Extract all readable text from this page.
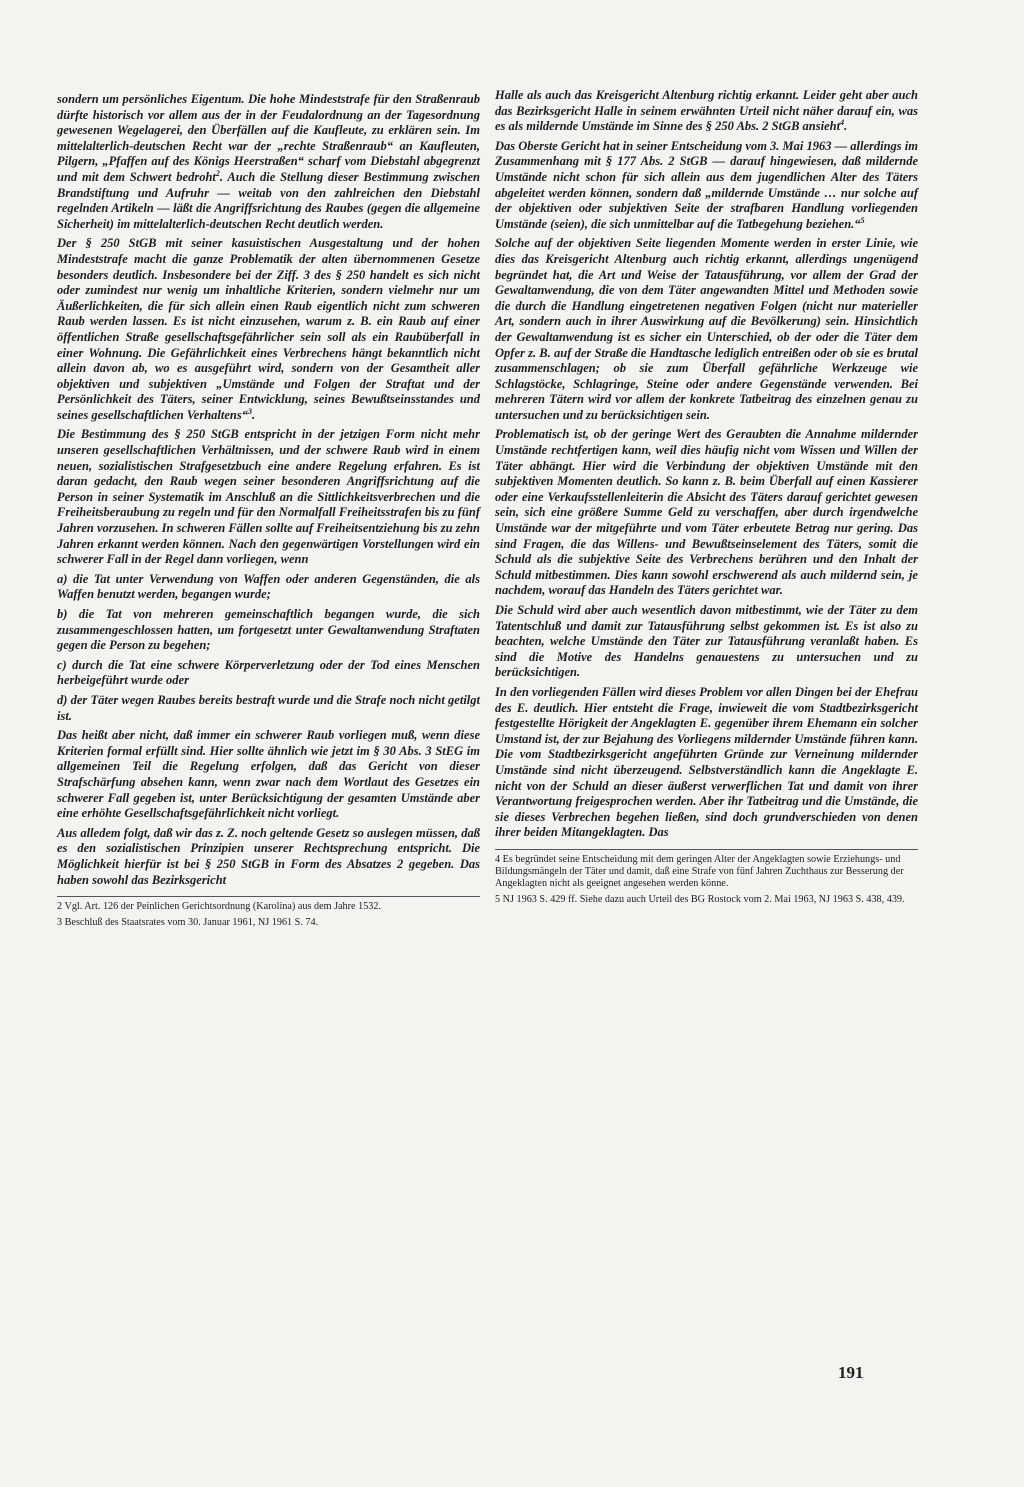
sondern um persönliches Eigentum. Die hohe Mindeststrafe für den Straßenraub dürfte historisch vor allem aus der in der Feudalordnung an der Tagesordnung gewesenen Wegelagerei, den Überfällen auf die Kaufleute, zu erklären sein. Im mittelalterlich-deutschen Recht war der „rechte Straßenraub“ an Kaufleuten, Pilgern, „Pfaffen auf des Königs Heerstraßen“ scharf vom Diebstahl abgegrenzt und mit dem Schwert bedroht$^2$. Auch die Stellung dieser Bestimmung zwischen Brandstiftung und Aufruhr — weitab von den zahlreichen den Diebstahl regelnden Artikeln — läßt die Angriffsrichtung des Raubes (gegen die allgemeine Sicherheit) im mittelalterlich-deutschen Recht deutlich werden.

Der § 250 StGB mit seiner kasuistischen Ausgestaltung und der hohen Mindeststrafe macht die ganze Problematik der alten übernommenen Gesetze besonders deutlich. Insbesondere bei der Ziff. 3 des § 250 handelt es sich nicht oder zumindest nur wenig um inhaltliche Kriterien, sondern vielmehr nur um Äußerlichkeiten, die für sich allein einen Raub eigentlich nicht zum schweren Raub werden lassen. Es ist nicht einzusehen, warum z. B. ein Raub auf einer öffentlichen Straße gesellschaftsgefährlicher sein soll als ein Raubüberfall in einer Wohnung. Die Gefährlichkeit eines Verbrechens hängt bekanntlich nicht allein davon ab, wo es ausgeführt wird, sondern von der Gesamtheit aller objektiven und subjektiven „Umstände und Folgen der Straftat und der Persönlichkeit des Täters, seiner Entwicklung, seines Bewußtseinsstandes und seines gesellschaftlichen Verhaltens“$^3$.

Die Bestimmung des § 250 StGB entspricht in der jetzigen Form nicht mehr unseren gesellschaftlichen Verhältnissen, und der schwere Raub wird in einem neuen, sozialistischen Strafgesetzbuch eine andere Regelung erfahren. Es ist daran gedacht, den Raub wegen seiner besonderen Angriffsrichtung auf die Person in seiner Systematik im Anschluß an die Sittlichkeitsverbrechen und die Freiheitsberaubung zu regeln und für den Normalfall Freiheitsstrafen bis zu fünf Jahren vorzusehen. In schweren Fällen sollte auf Freiheitsentziehung bis zu zehn Jahren erkannt werden können. Nach den gegenwärtigen Vorstellungen wird ein schwerer Fall in der Regel dann vorliegen, wenn

a) die Tat unter Verwendung von Waffen oder anderen Gegenständen, die als Waffen benutzt werden, begangen wurde;

b) die Tat von mehreren gemeinschaftlich begangen wurde, die sich zusammengeschlossen hatten, um fortgesetzt unter Gewaltanwendung Straftaten gegen die Person zu begehen;

c) durch die Tat eine schwere Körperverletzung oder der Tod eines Menschen herbeigeführt wurde oder

d) der Täter wegen Raubes bereits bestraft wurde und die Strafe noch nicht getilgt ist.

Das heißt aber nicht, daß immer ein schwerer Raub vorliegen muß, wenn diese Kriterien formal erfüllt sind. Hier sollte ähnlich wie jetzt im § 30 Abs. 3 StEG im allgemeinen Teil die Regelung erfolgen, daß das Gericht von dieser Strafschärfung absehen kann, wenn zwar nach dem Wortlaut des Gesetzes ein schwerer Fall gegeben ist, unter Berücksichtigung der gesamten Umstände aber eine erhöhte Gesellschaftsgefährlichkeit nicht vorliegt.

Aus alledem folgt, daß wir das z. Z. noch geltende Gesetz so auslegen müssen, daß es den sozialistischen Prinzipien unserer Rechtsprechung entspricht. Die Möglichkeit hierfür ist bei § 250 StGB in Form des Absatzes 2 gegeben. Das haben sowohl das Bezirksgericht

2 Vgl. Art. 126 der Peinlichen Gerichtsordnung (Karolina) aus dem Jahre 1532.

3 Beschluß des Staatsrates vom 30. Januar 1961, NJ 1961 S. 74.

Halle als auch das Kreisgericht Altenburg richtig erkannt. Leider geht aber auch das Bezirksgericht Halle in seinem erwähnten Urteil nicht näher darauf ein, was es als mildernde Umstände im Sinne des § 250 Abs. 2 StGB ansieht$^4$.

Das Oberste Gericht hat in seiner Entscheidung vom 3. Mai 1963 — allerdings im Zusammenhang mit § 177 Abs. 2 StGB — darauf hingewiesen, daß mildernde Umstände nicht schon für sich allein aus dem jugendlichen Alter des Täters abgeleitet werden können, sondern daß „mildernde Umstände … nur solche auf der objektiven oder subjektiven Seite der strafbaren Handlung vorliegenden Umstände (seien), die sich unmittelbar auf die Tatbegehung beziehen.“$^5$

Solche auf der objektiven Seite liegenden Momente werden in erster Linie, wie dies das Kreisgericht Altenburg auch richtig erkannt, allerdings ungenügend begründet hat, die Art und Weise der Tatausführung, vor allem der Grad der Gewaltanwendung, die von dem Täter angewandten Mittel und Methoden sowie die durch die Handlung eingetretenen negativen Folgen (nicht nur materieller Art, sondern auch in ihrer Auswirkung auf die Bevölkerung) sein. Hinsichtlich der Gewaltanwendung ist es sicher ein Unterschied, ob der oder die Täter dem Opfer z. B. auf der Straße die Handtasche lediglich entreißen oder ob sie es brutal zusammenschlagen; ob sie zum Überfall gefährliche Werkzeuge wie Schlagstöcke, Schlagringe, Steine oder andere Gegenstände verwenden. Bei mehreren Tätern wird vor allem der konkrete Tatbeitrag des einzelnen genau zu untersuchen und zu berücksichtigen sein.

Problematisch ist, ob der geringe Wert des Geraubten die Annahme mildernder Umstände rechtfertigen kann, weil dies häufig nicht vom Wissen und Willen der Täter abhängt. Hier wird die Verbindung der objektiven Umstände mit den subjektiven Momenten deutlich. So kann z. B. beim Überfall auf einen Kassierer oder eine Verkaufsstellenleiterin die Absicht des Täters darauf gerichtet gewesen sein, sich eine größere Summe Geld zu verschaffen, aber durch irgendwelche Umstände war der mitgeführte und vom Täter erbeutete Betrag nur gering. Das sind Fragen, die das Willens- und Bewußtseinselement des Täters, somit die Schuld als die subjektive Seite des Verbrechens berühren und den Inhalt der Schuld mitbestimmen. Dies kann sowohl erschwerend als auch mildernd sein, je nachdem, worauf das Handeln des Täters gerichtet war.

Die Schuld wird aber auch wesentlich davon mitbestimmt, wie der Täter zu dem Tatentschluß und damit zur Tatausführung selbst gekommen ist. Es ist also zu beachten, welche Umstände den Täter zur Tatausführung veranlaßt haben. Es sind die Motive des Handelns genauestens zu untersuchen und zu berücksichtigen.

In den vorliegenden Fällen wird dieses Problem vor allen Dingen bei der Ehefrau des E. deutlich. Hier entsteht die Frage, inwieweit die vom Stadtbezirksgericht festgestellte Hörigkeit der Angeklagten E. gegenüber ihrem Ehemann ein solcher Umstand ist, der zur Bejahung des Vorliegens mildernder Umstände führen kann. Die vom Stadtbezirksgericht angeführten Gründe zur Verneinung mildernder Umstände sind nicht überzeugend. Selbstverständlich kann die Angeklagte E. nicht von der Schuld an dieser äußerst verwerflichen Tat und damit von ihrer Verantwortung freigesprochen werden. Aber ihr Tatbeitrag und die Umstände, die sie dieses Verbrechen begehen ließen, sind doch grundverschieden von denen ihrer beiden Mitangeklagten. Das

4 Es begründet seine Entscheidung mit dem geringen Alter der Angeklagten sowie Erziehungs- und Bildungsmängeln der Täter und damit, daß eine Strafe von fünf Jahren Zuchthaus zur Besserung der Angeklagten nicht als geeignet angesehen werden könne.

5 NJ 1963 S. 429 ff. Siehe dazu auch Urteil des BG Rostock vom 2. Mai 1963, NJ 1963 S. 438, 439.

191
